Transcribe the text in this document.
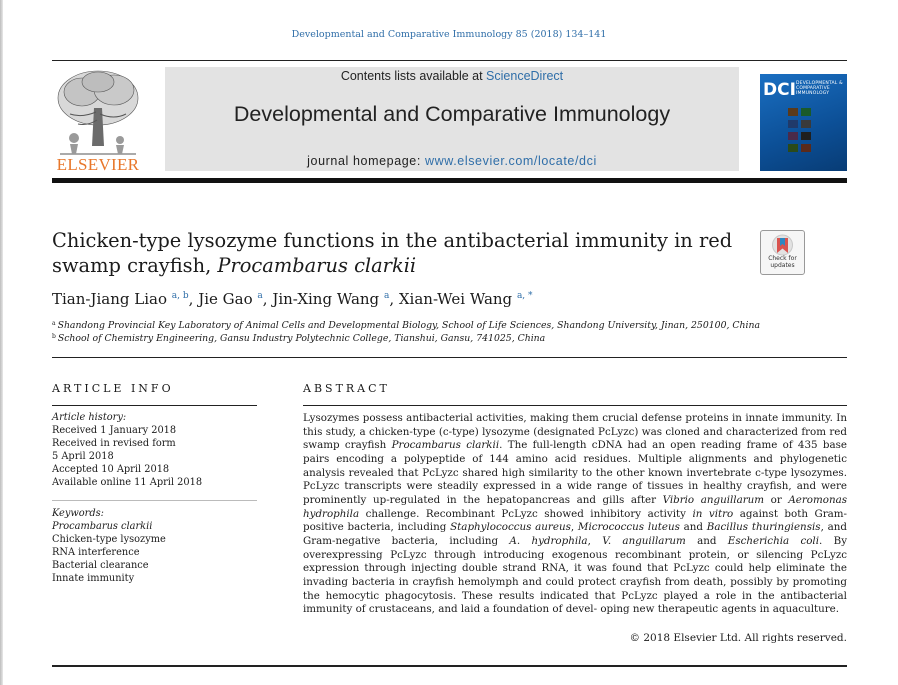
Developmental and Comparative Immunology 85 (2018) 134–141
ELSEVIER
Contents lists available at ScienceDirect
Developmental and Comparative Immunology
journal homepage: www.elsevier.com/locate/dci
DCI DEVELOPMENTAL & COMPARATIVE IMMUNOLOGY
Chicken-type lysozyme functions in the antibacterial immunity in red
swamp crayfish, Procambarus clarkii	Check for
updates
Tian-Jiang Liao $^{a, b}$, Jie Gao $^a$, Jin-Xing Wang $^a$, Xian-Wei Wang $^{a, *}$
$^a$ Shandong Provincial Key Laboratory of Animal Cells and Developmental Biology, School of Life Sciences, Shandong University, Jinan, 250100, China
$^b$ School of Chemistry Engineering, Gansu Industry Polytechnic College, Tianshui, Gansu, 741025, China
ARTICLE INFO
Article history:
Received 1 January 2018
Received in revised form
5 April 2018
Accepted 10 April 2018
Available online 11 April 2018
Keywords:
Procambarus clarkii
Chicken-type lysozyme
RNA interference
Bacterial clearance
Innate immunity
ABSTRACT

Lysozymes possess antibacterial activities, making them crucial defense proteins in innate immunity. In this study, a chicken-type (c-type) lysozyme (designated PcLyzc) was cloned and characterized from red swamp crayfish Procambarus clarkii. The full-length cDNA had an open reading frame of 435 base pairs encoding a polypeptide of 144 amino acid residues. Multiple alignments and phylogenetic analysis revealed that PcLyzc shared high similarity to the other known invertebrate c-type lysozymes. PcLyzc transcripts were steadily expressed in a wide range of tissues in healthy crayfish, and were prominently up-regulated in the hepatopancreas and gills after Vibrio anguillarum or Aeromonas hydrophila challenge. Recombinant PcLyzc showed inhibitory activity in vitro against both Gram-positive bacteria, including Staphylococcus aureus, Micrococcus luteus and Bacillus thuringiensis, and Gram-negative bacteria, including A. hydrophila, V. anguillarum and Escherichia coli. By overexpressing PcLyzc through introducing exogenous recombinant protein, or silencing PcLyzc expression through injecting double strand RNA, it was found that PcLyzc could help eliminate the invading bacteria in crayfish hemolymph and could protect crayfish from death, possibly by promoting the hemocytic phagocytosis. These results indicated that PcLyzc played a role in the antibacterial immunity of crustaceans, and laid a foundation of devel- oping new therapeutic agents in aquaculture.

© 2018 Elsevier Ltd. All rights reserved.
